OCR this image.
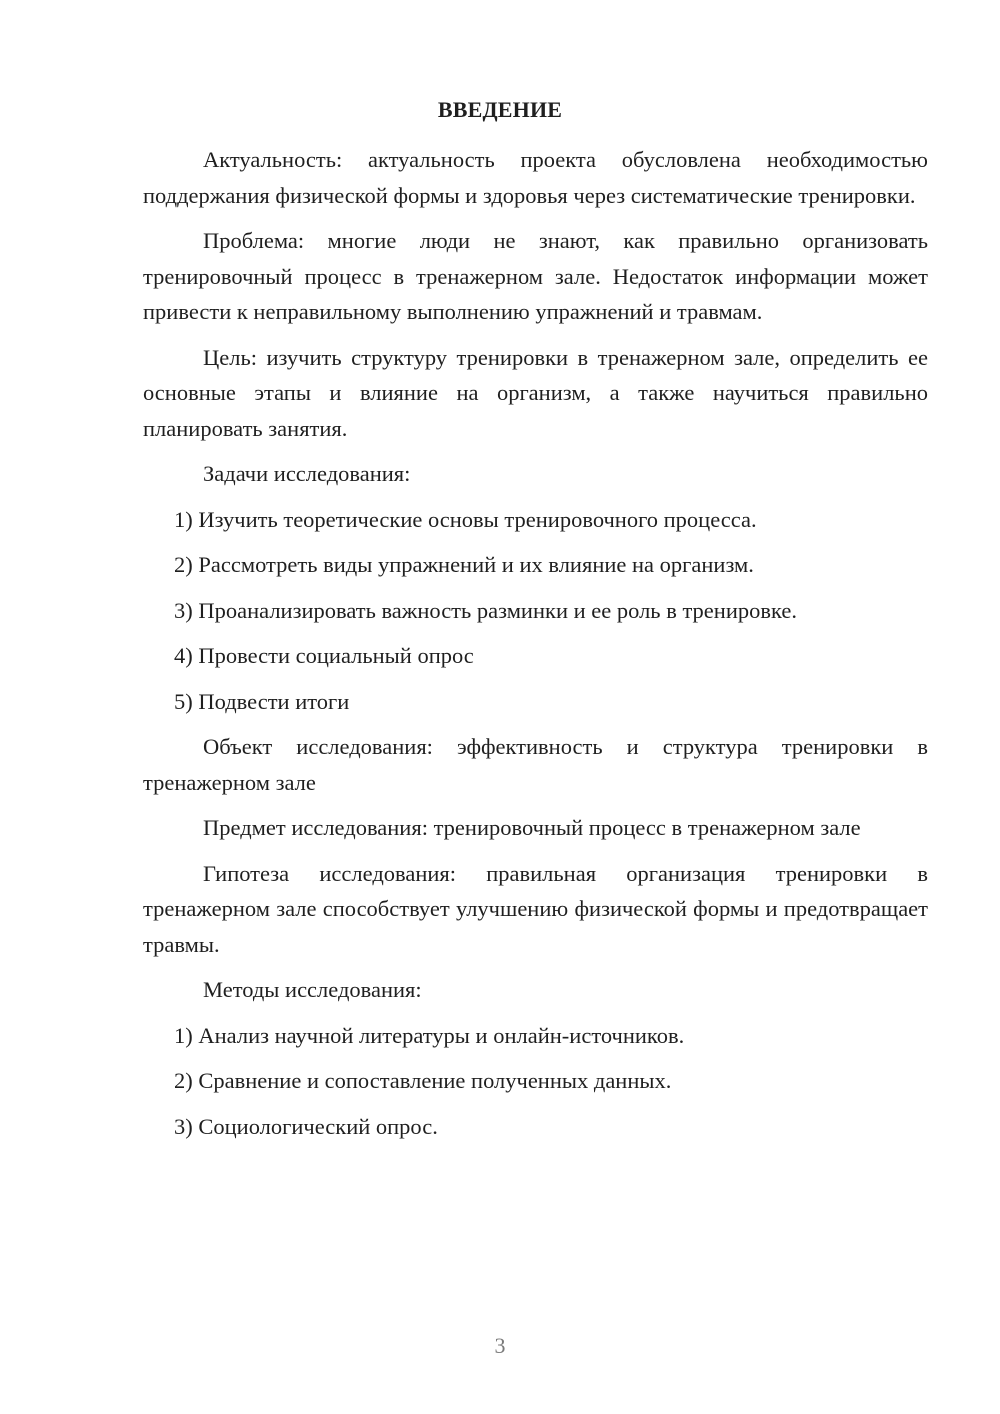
ВВЕДЕНИЕ

Актуальность: актуальность проекта обусловлена необходимостью поддержания физической формы и здоровья через систематические тренировки.

Проблема: многие люди не знают, как правильно организовать тренировочный процесс в тренажерном зале. Недостаток информации может привести к неправильному выполнению упражнений и травмам.

Цель: изучить структуру тренировки в тренажерном зале, определить ее основные этапы и влияние на организм, а также научиться правильно планировать занятия.

Задачи исследования:

1) Изучить теоретические основы тренировочного процесса.

2) Рассмотреть виды упражнений и их влияние на организм.

3) Проанализировать важность разминки и ее роль в тренировке.

4) Провести социальный опрос

5) Подвести итоги

Объект исследования: эффективность и структура тренировки в тренажерном зале

Предмет исследования: тренировочный процесс в тренажерном зале

Гипотеза исследования: правильная организация тренировки в тренажерном зале способствует улучшению физической формы и предотвращает травмы.

Методы исследования:

1) Анализ научной литературы и онлайн-источников.

2) Сравнение и сопоставление полученных данных.

3) Социологический опрос.

3
